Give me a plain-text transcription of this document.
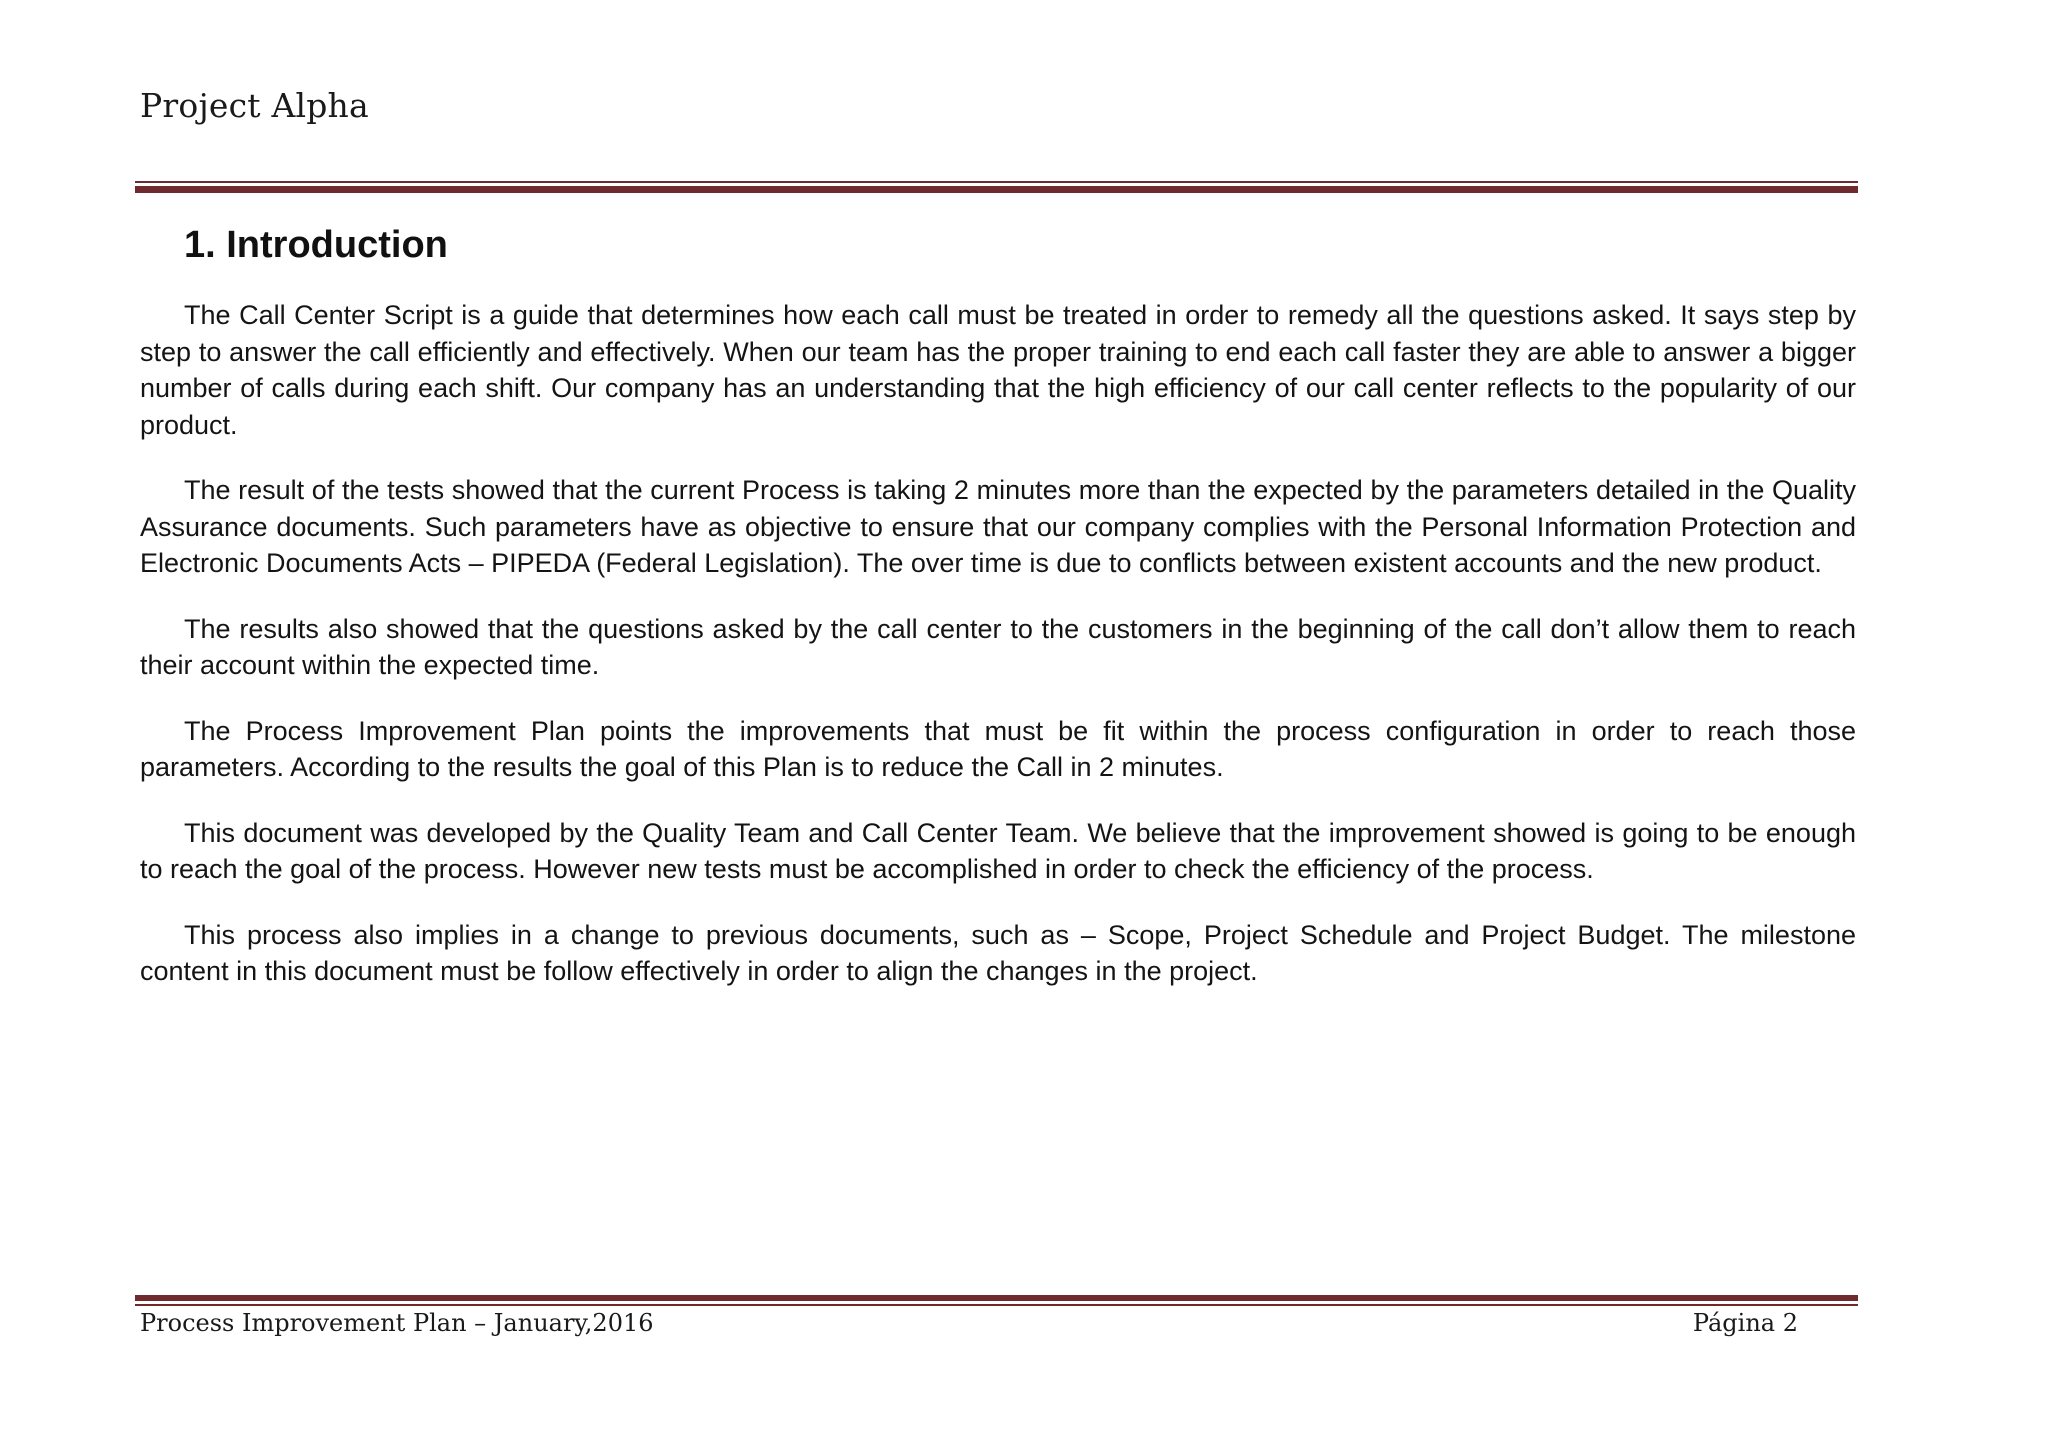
Project Alpha
1. Introduction

The Call Center Script is a guide that determines how each call must be treated in order to remedy all the questions asked. It says step by step to answer the call efficiently and effectively. When our team has the proper training to end each call faster they are able to answer a bigger number of calls during each shift. Our company has an understanding that the high efficiency of our call center reflects to the popularity of our product.

The result of the tests showed that the current Process is taking 2 minutes more than the expected by the parameters detailed in the Quality Assurance documents. Such parameters have as objective to ensure that our company complies with the Personal Information Protection and Electronic Documents Acts – PIPEDA (Federal Legislation). The over time is due to conflicts between existent accounts and the new product.

The results also showed that the questions asked by the call center to the customers in the beginning of the call don’t allow them to reach their account within the expected time.

The Process Improvement Plan points the improvements that must be fit within the process configuration in order to reach those parameters. According to the results the goal of this Plan is to reduce the Call in 2 minutes.

This document was developed by the Quality Team and Call Center Team. We believe that the improvement showed is going to be enough to reach the goal of the process. However new tests must be accomplished in order to check the efficiency of the process.

This process also implies in a change to previous documents, such as – Scope, Project Schedule and Project Budget. The milestone content in this document must be follow effectively in order to align the changes in the project.

Process Improvement Plan – January,2016	Página 2
